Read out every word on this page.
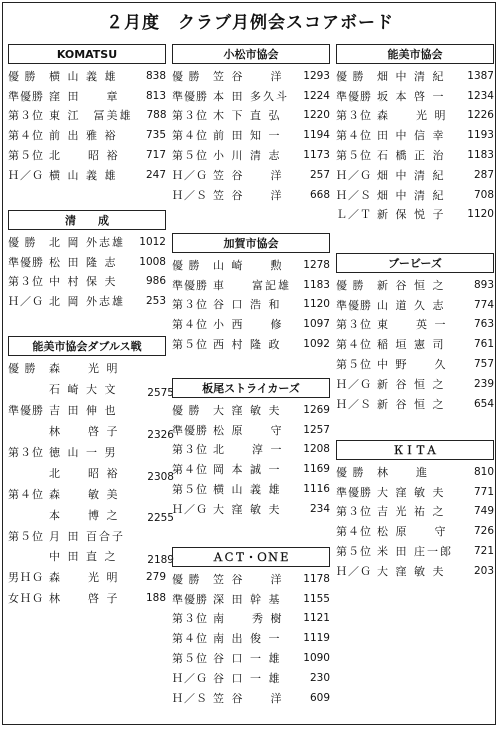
２月度　クラブ月例会スコアボード
KOMATSU
優 勝	横 山 義 雄	838
準優勝 窪 田　　章	813
第３位 東 江　冨美雄	788
第４位 前 出 雅 裕	735
第５位 北　　昭 裕	717
Ｈ／Ｇ 横 山 義 雄	247
清　　成
優 勝	北 岡 外志雄	1012
準優勝 松 田 隆 志	1008
第３位 中 村 保 夫	986
Ｈ／Ｇ 北 岡 外志雄	253
能美市協会ダブルス戦
優 勝	森　　光 明
石 崎 大 文	2575
準優勝 吉 田 伸 也
林　　啓 子	2326
第３位 徳 山 一 男
北　　昭 裕	2308
第４位 森　　敏 美
本　　博 之	2255
第５位 月 田 百合子
中 田 直 之	2189
男ＨＧ 森　　光 明	279
女ＨＧ 林　　啓 子	188
小松市協会
優 勝	笠 谷　　洋	1293
準優勝 本 田 多久斗	1224
第３位 木 下 直 弘	1220
第４位 前 田 知 一	1194
第５位 小 川 清 志	1173
Ｈ／Ｇ 笠 谷　　洋	257
Ｈ／Ｓ 笠 谷　　洋	668
加賀市協会
優 勝	山 崎　　勲	1278
準優勝 車　　富記雄	1183
第３位 谷 口 浩 和	1120
第４位 小 西　　修	1097
第５位 西 村 隆 政	1092
板尾ストライカーズ
優 勝	大 窪 敏 夫	1269
準優勝 松 原　　守	1257
第３位 北　　淳 一	1208
第４位 岡 本 誠 一	1169
第５位 横 山 義 雄	1116
Ｈ／Ｇ 大 窪 敏 夫	234
ＡＣＴ・ＯＮＥ
優 勝	笠 谷　　洋	1178
準優勝 深 田 幹 基	1155
第３位 南　　秀 樹	1121
第４位 南 出 俊 一	1119
第５位 谷 口 一 雄	1090
Ｈ／Ｇ 谷 口 一 雄	230
Ｈ／Ｓ 笠 谷　　洋	609
能美市協会
優 勝	畑 中 清 紀	1387
準優勝 坂 本 啓 一	1234
第３位 森　　光 明	1226
第４位 田 中 信 幸	1193
第５位 石 橋 正 治	1183
Ｈ／Ｇ 畑 中 清 紀	287
Ｈ／Ｓ 畑 中 清 紀	708
Ｌ／Ｔ 新 保 悦 子	1120
ブービーズ
優 勝	新 谷 恒 之	893
準優勝 山 道 久 志	774
第３位 東　　英 一	763
第４位 稲 垣 憲 司	761
第５位 中 野　　久	757
Ｈ／Ｇ 新 谷 恒 之	239
Ｈ／Ｓ 新 谷 恒 之	654
ＫＩＴＡ
優 勝	林　　進	810
準優勝 大 窪 敏 夫	771
第３位 吉 光 祐 之	749
第４位 松 原　　守	726
第５位 米 田 庄一郎	721
Ｈ／Ｇ 大 窪 敏 夫	203
